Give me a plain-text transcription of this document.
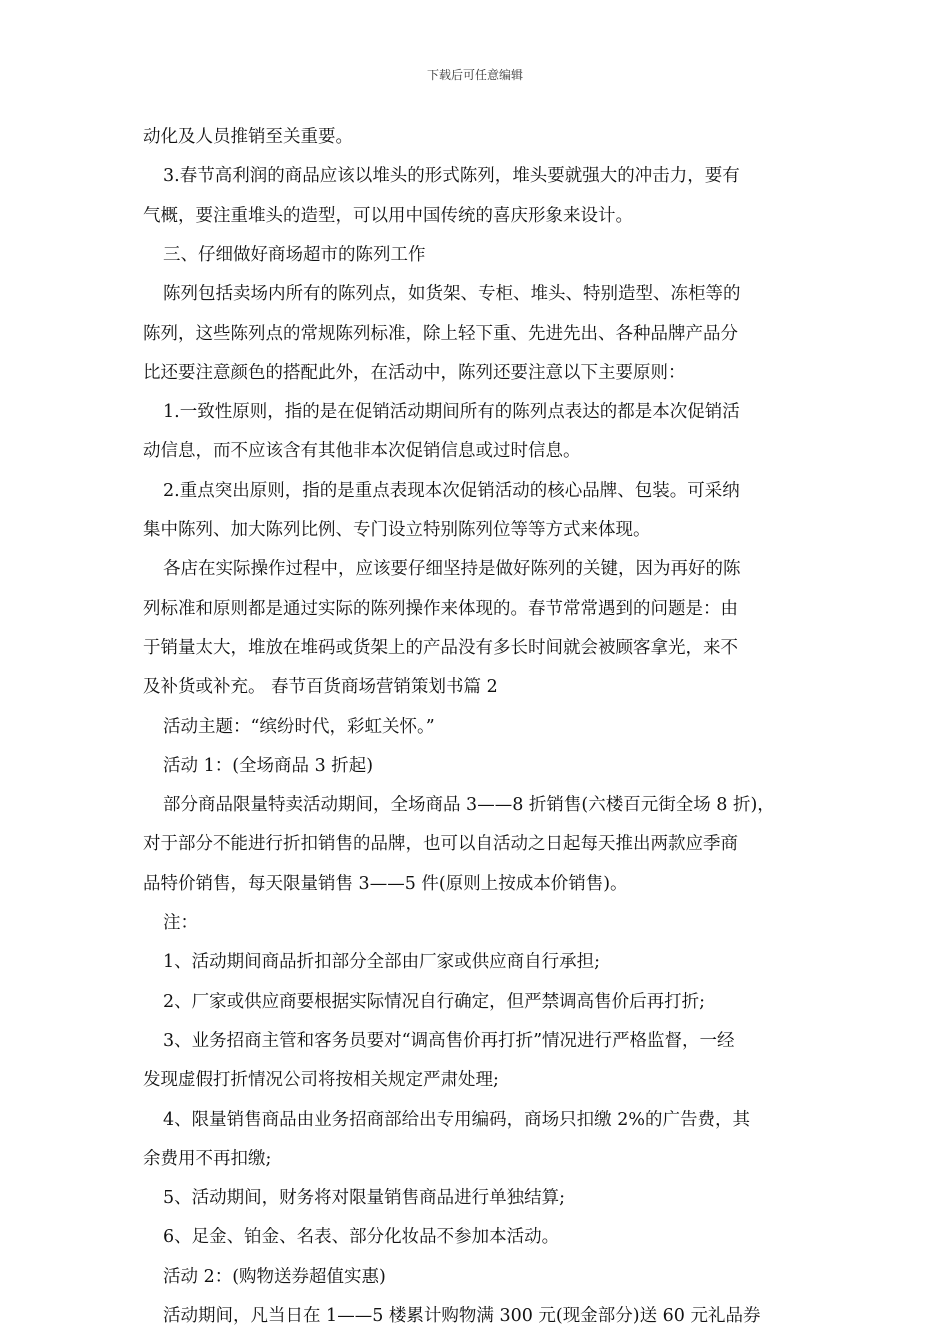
下载后可任意编辑
动化及人员推销至关重要。
3.春节高利润的商品应该以堆头的形式陈列，堆头要就强大的冲击力，要有
气概，要注重堆头的造型，可以用中国传统的喜庆形象来设计。
三、仔细做好商场超市的陈列工作
陈列包括卖场内所有的陈列点，如货架、专柜、堆头、特别造型、冻柜等的
陈列，这些陈列点的常规陈列标准，除上轻下重、先进先出、各种品牌产品分
比还要注意颜色的搭配此外，在活动中，陈列还要注意以下主要原则：
1.一致性原则，指的是在促销活动期间所有的陈列点表达的都是本次促销活
动信息，而不应该含有其他非本次促销信息或过时信息。
2.重点突出原则，指的是重点表现本次促销活动的核心品牌、包装。可采纳
集中陈列、加大陈列比例、专门设立特别陈列位等等方式来体现。
各店在实际操作过程中，应该要仔细坚持是做好陈列的关键，因为再好的陈
列标准和原则都是通过实际的陈列操作来体现的。春节常常遇到的问题是：由
于销量太大，堆放在堆码或货架上的产品没有多长时间就会被顾客拿光，来不
及补货或补充。 春节百货商场营销策划书篇 2
活动主题：“缤纷时代，彩虹关怀。”
活动 1：(全场商品 3 折起)
部分商品限量特卖活动期间，全场商品 3——8 折销售(六楼百元街全场 8 折)，
对于部分不能进行折扣销售的品牌，也可以自活动之日起每天推出两款应季商
品特价销售，每天限量销售 3——5 件(原则上按成本价销售)。
注：
1、活动期间商品折扣部分全部由厂家或供应商自行承担;
2、厂家或供应商要根据实际情况自行确定，但严禁调高售价后再打折;
3、业务招商主管和客务员要对“调高售价再打折”情况进行严格监督，一经
发现虚假打折情况公司将按相关规定严肃处理;
4、限量销售商品由业务招商部给出专用编码，商场只扣缴 2%的广告费，其
余费用不再扣缴;
5、活动期间，财务将对限量销售商品进行单独结算;
6、足金、铂金、名表、部分化妆品不参加本活动。
活动 2：(购物送券超值实惠)
活动期间，凡当日在 1——5 楼累计购物满 300 元(现金部分)送 60 元礼品券
